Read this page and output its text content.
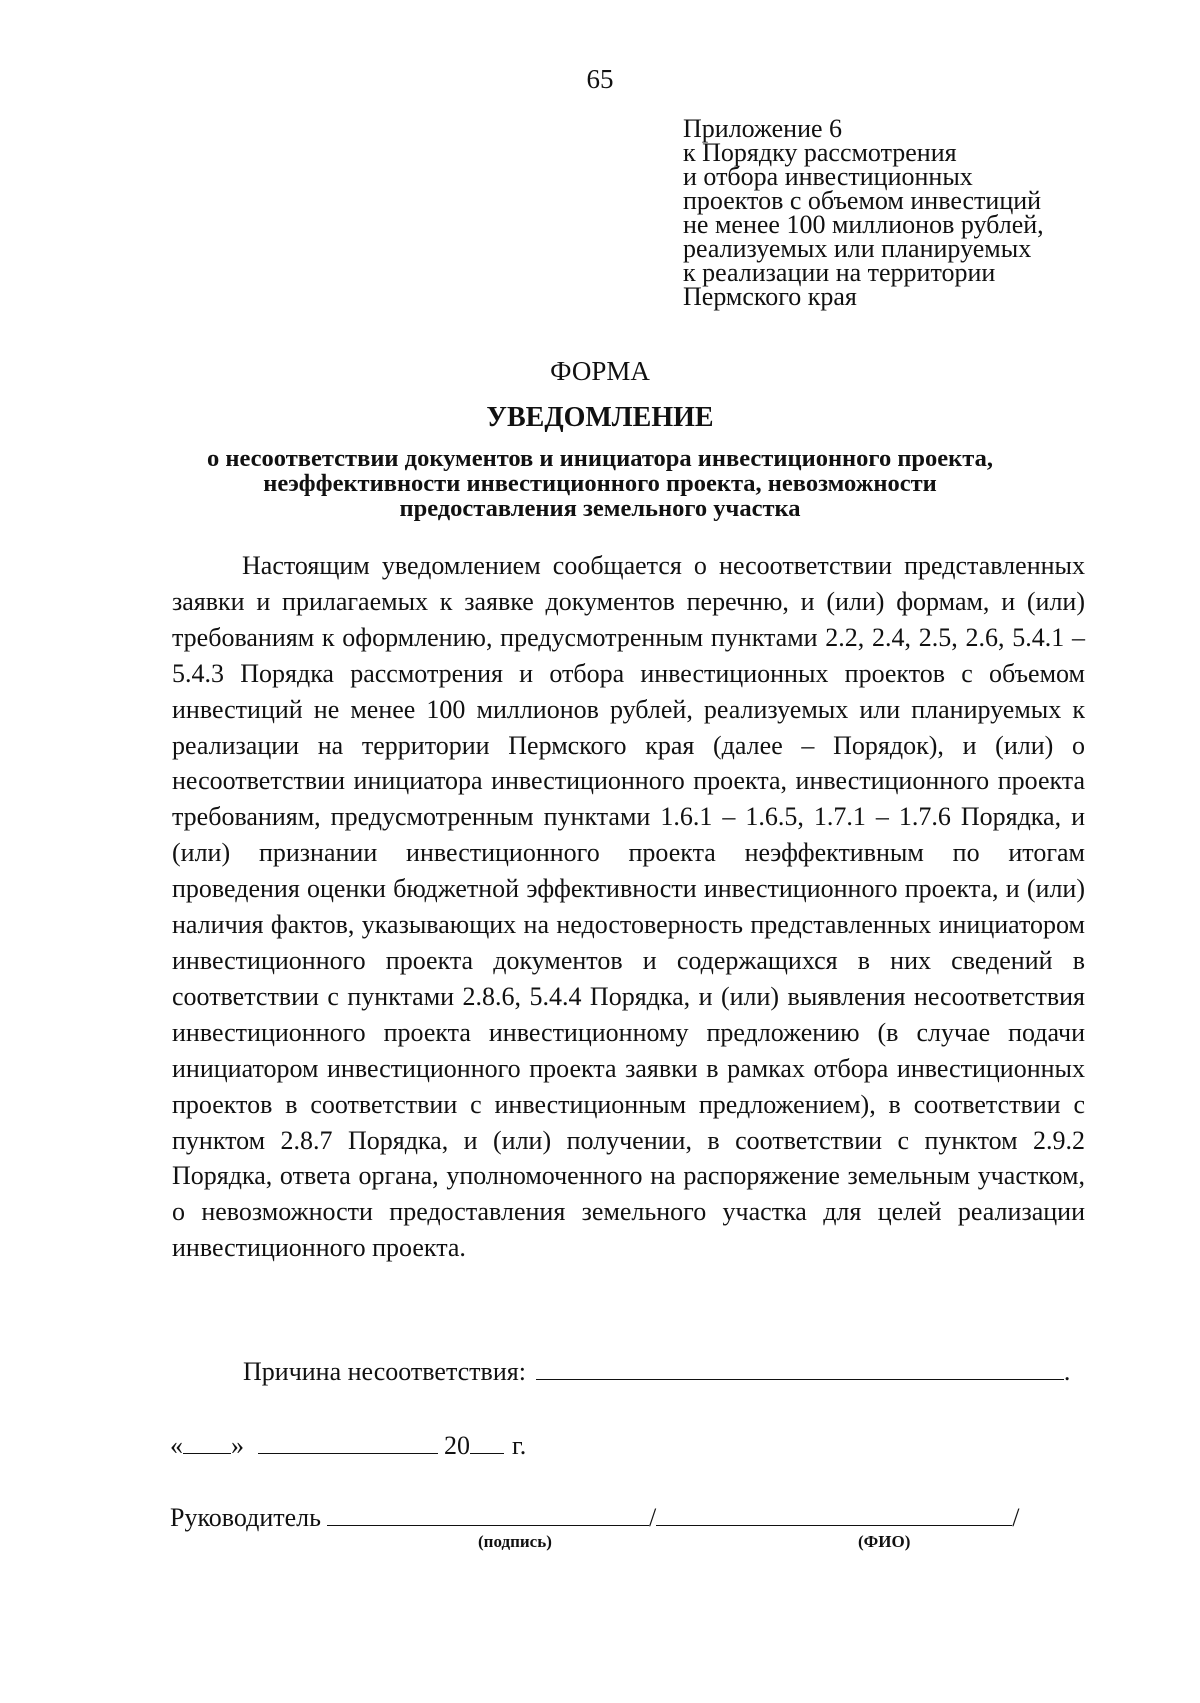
65
Приложение 6
к Порядку рассмотрения
и отбора инвестиционных
проектов с объемом инвестиций
не менее 100 миллионов рублей,
реализуемых или планируемых
к реализации на территории
Пермского края
ФОРМА
УВЕДОМЛЕНИЕ
о несоответствии документов и инициатора инвестиционного проекта,
неэффективности инвестиционного проекта, невозможности
предоставления земельного участка
Настоящим уведомлением сообщается о несоответствии представленных заявки и прилагаемых к заявке документов перечню, и (или) формам, и (или) требованиям к оформлению, предусмотренным пунктами 2.2, 2.4, 2.5, 2.6, 5.4.1 – 5.4.3 Порядка рассмотрения и отбора инвестиционных проектов с объемом инвестиций не менее 100 миллионов рублей, реализуемых или планируемых к реализации на территории Пермского края (далее – Порядок), и (или) о несоответствии инициатора инвестиционного проекта, инвестиционного проекта требованиям, предусмотренным пунктами 1.6.1 – 1.6.5, 1.7.1 – 1.7.6 Порядка, и (или) признании инвестиционного проекта неэффективным по итогам проведения оценки бюджетной эффективности инвестиционного проекта, и (или) наличия фактов, указывающих на недостоверность представленных инициатором инвестиционного проекта документов и содержащихся в них сведений в соответствии с пунктами 2.8.6, 5.4.4 Порядка, и (или) выявления несоответствия инвестиционного проекта инвестиционному предложению (в случае подачи инициатором инвестиционного проекта заявки в рамках отбора инвестиционных проектов в соответствии с инвестиционным предложением), в соответствии с пунктом 2.8.7 Порядка, и (или) получении, в соответствии с пунктом 2.9.2 Порядка, ответа органа, уполномоченного на распоряжение земельным участком, о невозможности предоставления земельного участка для целей реализации инвестиционного проекта.
Причина несоответствия:	.
« »	20 г.
Руководитель	/	/
(подпись)	(ФИО)
